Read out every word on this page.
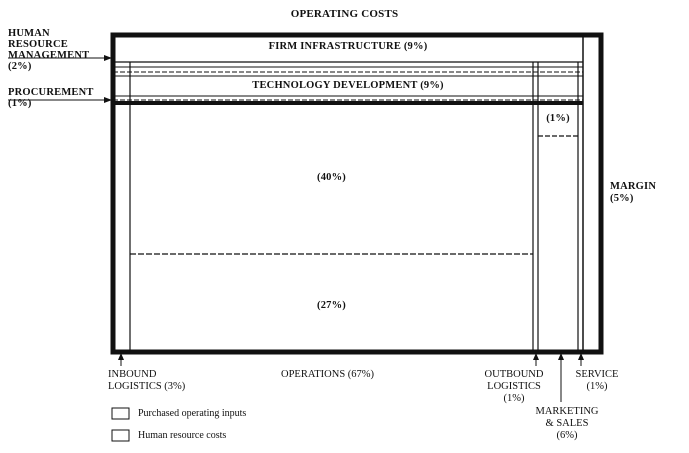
OPERATING COSTS
FIRM INFRASTRUCTURE (9%)
TECHNOLOGY DEVELOPMENT (9%)
(40%)
(27%)
(1%)
HUMAN
RESOURCE
MANAGEMENT
(2%)
PROCUREMENT
(1%)
MARGIN
(5%)
INBOUND
LOGISTICS (3%)
OPERATIONS (67%)	OUTBOUND
LOGISTICS
(1%)
SERVICE
(1%)
MARKETING
& SALES
(6%)
Purchased operating inputs
Human resource costs
